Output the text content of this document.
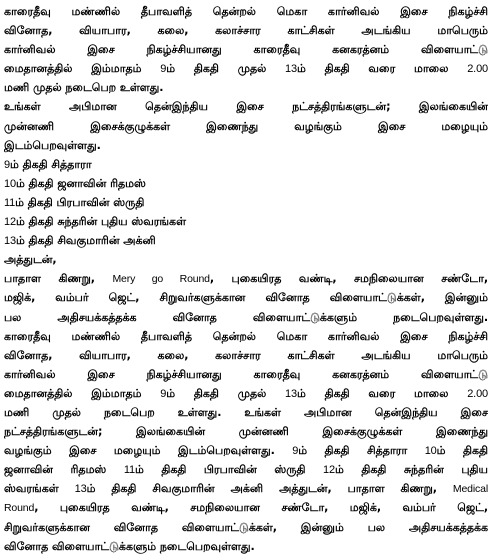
காரைதீவு மண்ணில் தீபாவளித் தென்றல் மெகா கார்னிவல் இசை நிகழ்ச்சி
வினோத, வியாபார, கலை, கலாச்சார காட்சிகள் அடங்கிய மாபெரும்
கார்னிவல் இசை நிகழ்ச்சியானது காரைதீவு கனகரத்னம் விளையாட்டு
மைதானத்தில் இம்மாதம் 9ம் திகதி முதல் 13ம் திகதி வரை மாலை 2.00
மணி முதல் நடைபெற உள்ளது.
உங்கள் அபிமான தென்இந்திய இசை நட்சத்திரங்களுடன்; இலங்கையின்
முன்னணி இசைக்குழுக்கள் இணைந்து வழங்கும் இசை மழையும்
இடம்பெறவுள்ளது.
9ம் திகதி சித்தாரா
10ம் திகதி ஜனாவின் ரிதமஸ்
11ம் திகதி பிரபாவின் ஸ்ருதி
12ம் திகதி சுந்தரின் புதிய ஸ்வரங்கள்
13ம் திகதி சிவகுமாரின் அக்னி
அத்துடன்,
பாதாள கிணறு, Mery go Round, புகையிரத வண்டி, சமநிலையான சண்டோ,
மஜிக், வம்பர் ஜெட், சிறுவர்களுக்கான வினோத விளையாட்டுக்கள், இன்னும்
பல அதிசயக்கத்தக்க வினோத விளையாட்டுக்களும் நடைபெறவுள்ளது.
காரைதீவு மண்ணில் தீபாவளித் தென்றல் மெகா கார்னிவல் இசை நிகழ்ச்சி
வினோத, வியாபார, கலை, கலாச்சார காட்சிகள் அடங்கிய மாபெரும்
கார்னிவல் இசை நிகழ்ச்சியானது காரைதீவு கனகரத்னம் விளையாட்டு
மைதானத்தில் இம்மாதம் 9ம் திகதி முதல் 13ம் திகதி வரை மாலை 2.00
மணி முதல் நடைபெற உள்ளது. உங்கள் அபிமான தென்இந்திய இசை
நட்சத்திரங்களுடன்; இலங்கையின் முன்னணி இசைக்குழுக்கள் இணைந்து
வழங்கும் இசை மழையும் இடம்பெறவுள்ளது. 9ம் திகதி சித்தாரா 10ம் திகதி
ஜனாவின் ரிதமஸ் 11ம் திகதி பிரபாவின் ஸ்ருதி 12ம் திகதி சுந்தரின் புதிய
ஸ்வரங்கள் 13ம் திகதி சிவகுமாரின் அக்னி அத்துடன், பாதாள கிணறு, Medical
Round, புகையிரத வண்டி, சமநிலையான சண்டோ, மஜிக், வம்பர் ஜெட்,
சிறுவர்களுக்கான வினோத விளையாட்டுக்கள், இன்னும் பல அதிசயக்கத்தக்க
வினோத விளையாட்டுக்களும் நடைபெறவுள்ளது.
